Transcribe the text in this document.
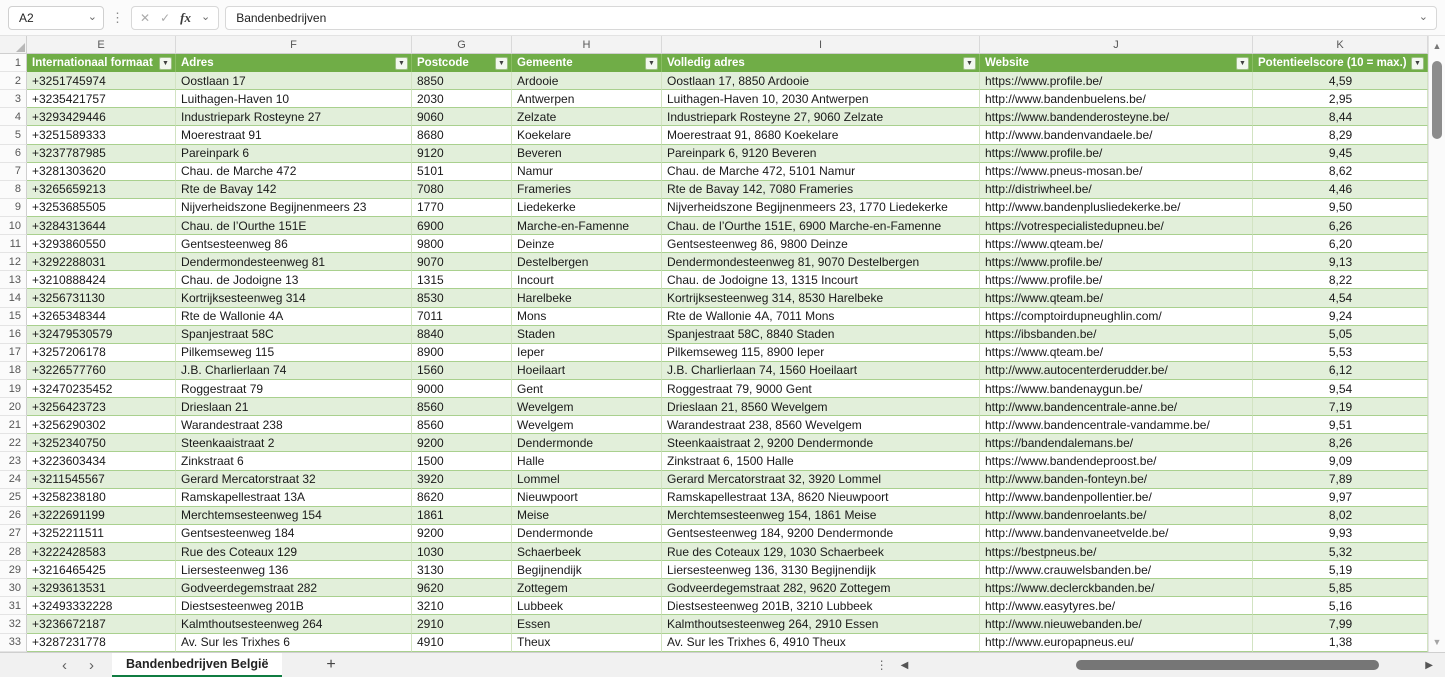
A2	⌄	⋮	✕ ✓ fx ⌄ Bandenbedrijven	⌄
E	F	G	H	I	J	K
1 Internationaal formaat	▼ Adres	▼ Postcode	▼ Gemeente	▼ Volledig adres	▼ Website	▼ Potentieelscore (10 = max.)	▼
2 +3251745974	Oostlaan 17	8850	Ardooie	Oostlaan 17, 8850 Ardooie	https://www.profile.be/	4,59
3 +3235421757	Luithagen-Haven 10	2030	Antwerpen	Luithagen-Haven 10, 2030 Antwerpen	http://www.bandenbuelens.be/	2,95
4 +3293429446	Industriepark Rosteyne 27	9060	Zelzate	Industriepark Rosteyne 27, 9060 Zelzate	https://www.bandenderosteyne.be/	8,44
5 +3251589333	Moerestraat 91	8680	Koekelare	Moerestraat 91, 8680 Koekelare	http://www.bandenvandaele.be/	8,29
6 +3237787985	Pareinpark 6	9120	Beveren	Pareinpark 6, 9120 Beveren	https://www.profile.be/	9,45
7 +3281303620	Chau. de Marche 472	5101	Namur	Chau. de Marche 472, 5101 Namur	https://www.pneus-mosan.be/	8,62
8 +3265659213	Rte de Bavay 142	7080	Frameries	Rte de Bavay 142, 7080 Frameries	http://distriwheel.be/	4,46
9 +3253685505	Nijverheidszone Begijnenmeers 23	1770	Liedekerke	Nijverheidszone Begijnenmeers 23, 1770 Liedekerke	http://www.bandenplusliedekerke.be/	9,50
10 +3284313644	Chau. de l’Ourthe 151E	6900	Marche-en-Famenne	Chau. de l’Ourthe 151E, 6900 Marche-en-Famenne	https://votrespecialistedupneu.be/	6,26
11 +3293860550	Gentsesteenweg 86	9800	Deinze	Gentsesteenweg 86, 9800 Deinze	https://www.qteam.be/	6,20
12 +3292288031	Dendermondesteenweg 81	9070	Destelbergen	Dendermondesteenweg 81, 9070 Destelbergen	https://www.profile.be/	9,13
13 +3210888424	Chau. de Jodoigne 13	1315	Incourt	Chau. de Jodoigne 13, 1315 Incourt	https://www.profile.be/	8,22
14 +3256731130	Kortrijksesteenweg 314	8530	Harelbeke	Kortrijksesteenweg 314, 8530 Harelbeke	https://www.qteam.be/	4,54
15 +3265348344	Rte de Wallonie 4A	7011	Mons	Rte de Wallonie 4A, 7011 Mons	https://comptoirdupneughlin.com/	9,24
16 +32479530579	Spanjestraat 58C	8840	Staden	Spanjestraat 58C, 8840 Staden	https://ibsbanden.be/	5,05
17 +3257206178	Pilkemseweg 115	8900	Ieper	Pilkemseweg 115, 8900 Ieper	https://www.qteam.be/	5,53
18 +3226577760	J.B. Charlierlaan 74	1560	Hoeilaart	J.B. Charlierlaan 74, 1560 Hoeilaart	http://www.autocenterderudder.be/	6,12
19 +32470235452	Roggestraat 79	9000	Gent	Roggestraat 79, 9000 Gent	https://www.bandenaygun.be/	9,54
20 +3256423723	Drieslaan 21	8560	Wevelgem	Drieslaan 21, 8560 Wevelgem	http://www.bandencentrale-anne.be/	7,19
21 +3256290302	Warandestraat 238	8560	Wevelgem	Warandestraat 238, 8560 Wevelgem	http://www.bandencentrale-vandamme.be/	9,51
22 +3252340750	Steenkaaistraat 2	9200	Dendermonde	Steenkaaistraat 2, 9200 Dendermonde	https://bandendalemans.be/	8,26
23 +3223603434	Zinkstraat 6	1500	Halle	Zinkstraat 6, 1500 Halle	https://www.bandendeproost.be/	9,09
24 +3211545567	Gerard Mercatorstraat 32	3920	Lommel	Gerard Mercatorstraat 32, 3920 Lommel	http://www.banden-fonteyn.be/	7,89
25 +3258238180	Ramskapellestraat 13A	8620	Nieuwpoort	Ramskapellestraat 13A, 8620 Nieuwpoort	http://www.bandenpollentier.be/	9,97
26 +3222691199	Merchtemsesteenweg 154	1861	Meise	Merchtemsesteenweg 154, 1861 Meise	http://www.bandenroelants.be/	8,02
27 +3252211511	Gentsesteenweg 184	9200	Dendermonde	Gentsesteenweg 184, 9200 Dendermonde	http://www.bandenvaneetvelde.be/	9,93
28 +3222428583	Rue des Coteaux 129	1030	Schaerbeek	Rue des Coteaux 129, 1030 Schaerbeek	https://bestpneus.be/	5,32
29 +3216465425	Liersesteenweg 136	3130	Begijnendijk	Liersesteenweg 136, 3130 Begijnendijk	http://www.crauwelsbanden.be/	5,19
30 +3293613531	Godveerdegemstraat 282	9620	Zottegem	Godveerdegemstraat 282, 9620 Zottegem	https://www.declerckbanden.be/	5,85
31 +32493332228	Diestsesteenweg 201B	3210	Lubbeek	Diestsesteenweg 201B, 3210 Lubbeek	http://www.easytyres.be/	5,16
32 +3236672187	Kalmthoutsesteenweg 264	2910	Essen	Kalmthoutsesteenweg 264, 2910 Essen	http://www.nieuwebanden.be/	7,99
33 +3287231778	Av. Sur les Trixhes 6	4910	Theux	Av. Sur les Trixhes 6, 4910 Theux	http://www.europapneus.eu/	1,38
▲
▼
‹ ›	Bandenbedrijven België	+	⋮	◀	▶
